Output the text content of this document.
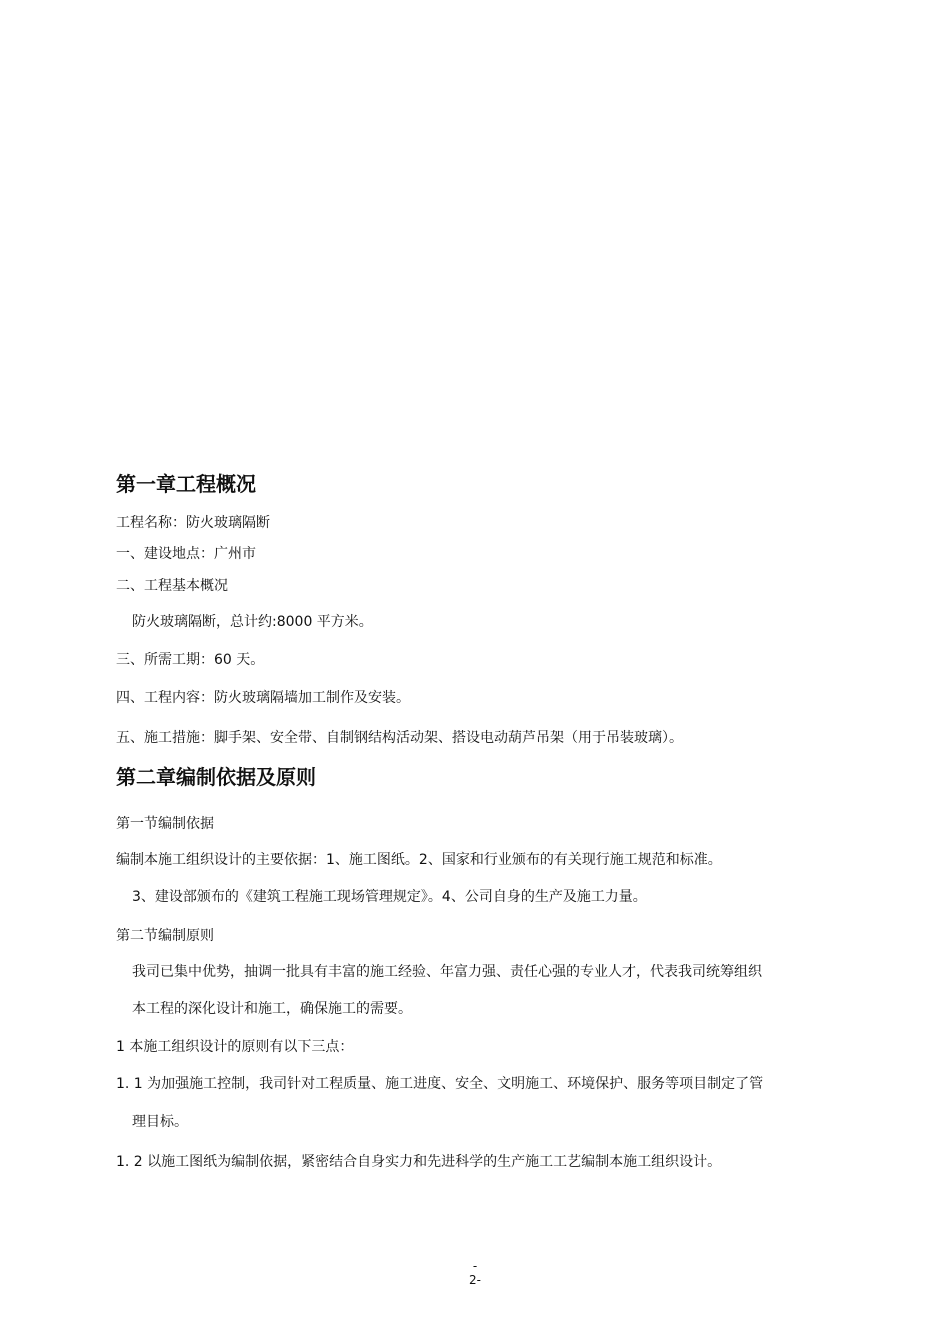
第一章工程概况
工程名称：防火玻璃隔断
一、建设地点：广州市
二、工程基本概况
防火玻璃隔断，总计约:8000 平方米。
三、所需工期：60 天。
四、工程内容：防火玻璃隔墙加工制作及安装。
五、施工措施：脚手架、安全带、自制钢结构活动架、搭设电动葫芦吊架（用于吊装玻璃）。
第二章编制依据及原则
第一节编制依据
编制本施工组织设计的主要依据：1、施工图纸。2、国家和行业颁布的有关现行施工规范和标准。
3、建设部颁布的《建筑工程施工现场管理规定》。4、公司自身的生产及施工力量。
第二节编制原则
我司已集中优势，抽调一批具有丰富的施工经验、年富力强、责任心强的专业人才，代表我司统筹组织
本工程的深化设计和施工，确保施工的需要。
1 本施工组织设计的原则有以下三点：
1. 1 为加强施工控制，我司针对工程质量、施工进度、安全、文明施工、环境保护、服务等项目制定了管
理目标。
1. 2 以施工图纸为编制依据，紧密结合自身实力和先进科学的生产施工工艺编制本施工组织设计。
-
2-
